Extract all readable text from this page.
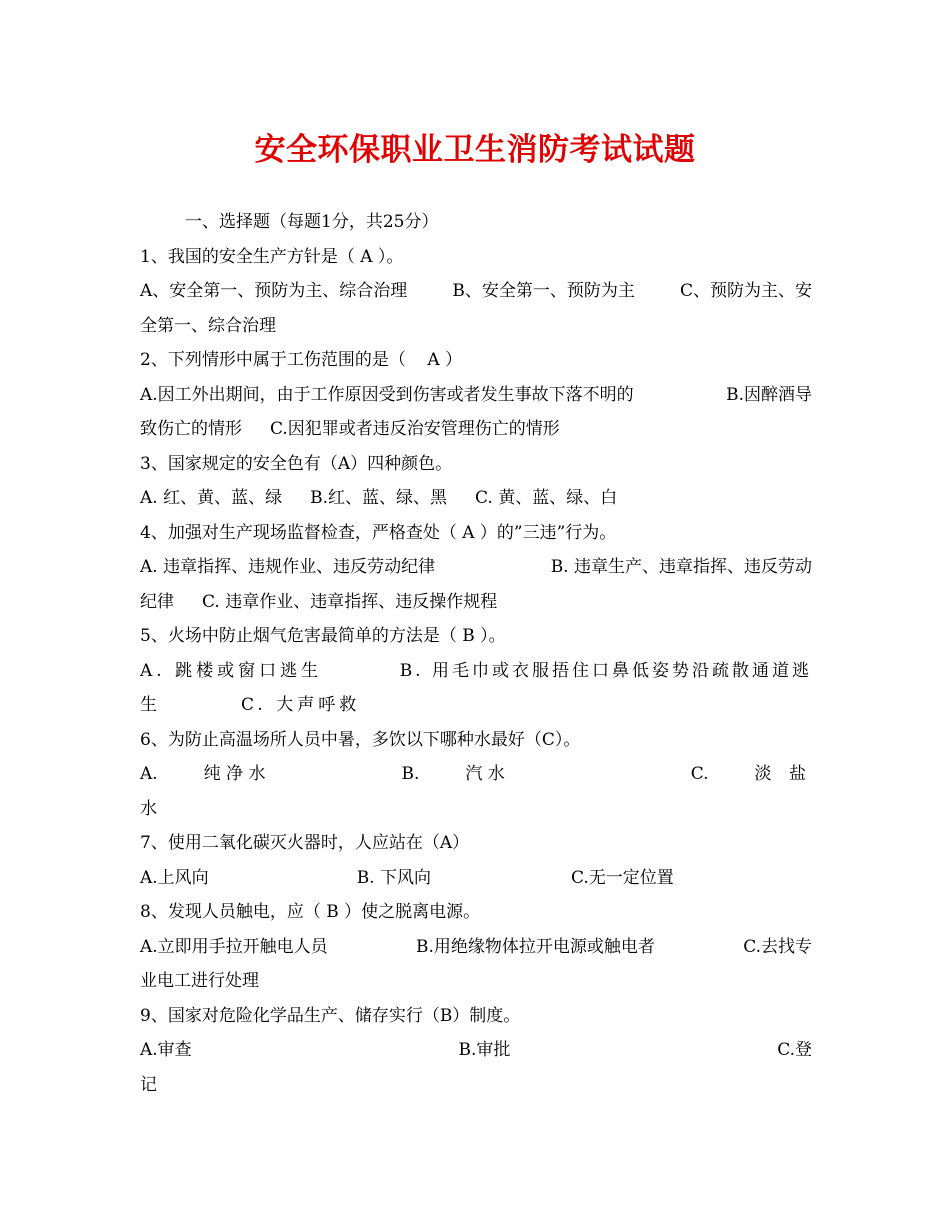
安全环保职业卫生消防考试试题
一、选择题（每题1分，共25分）
1、我国的安全生产方针是（ A ）。
A、安全第一、预防为主、综合治理	B、安全第一、预防为主	C、预防为主、安
全第一、综合治理
2、下列情形中属于工伤范围的是（    A ）
A.因工外出期间，由于工作原因受到伤害或者发生事故下落不明的	B.因醉酒导
致伤亡的情形 C.因犯罪或者违反治安管理伤亡的情形
3、国家规定的安全色有（A）四种颜色。
A. 红、黄、蓝、绿 B.红、蓝、绿、黑 C. 黄、蓝、绿、白
4、加强对生产现场监督检查，严格查处（ A ）的”三违”行为。
A. 违章指挥、违规作业、违反劳动纪律	B. 违章生产、违章指挥、违反劳动
纪律 C. 违章作业、违章指挥、违反操作规程
5、火场中防止烟气危害最简单的方法是（ B ）。
A. 跳楼或窗口逃生	B. 用毛巾或衣服捂住口鼻低姿势沿疏散通道逃
生	C. 大声呼救
6、为防止高温场所人员中暑，多饮以下哪种水最好（C）。
A.	纯 净 水	B.	汽 水	C.	淡 盐
水
7、使用二氧化碳灭火器时，人应站在（A）
A.上风向	B. 下风向	C.无一定位置
8、发现人员触电，应（ B ）使之脱离电源。
A.立即用手拉开触电人员	B.用绝缘物体拉开电源或触电者	C.去找专
业电工进行处理
9、国家对危险化学品生产、储存实行（B）制度。
A.审查	B.审批	C.登
记
